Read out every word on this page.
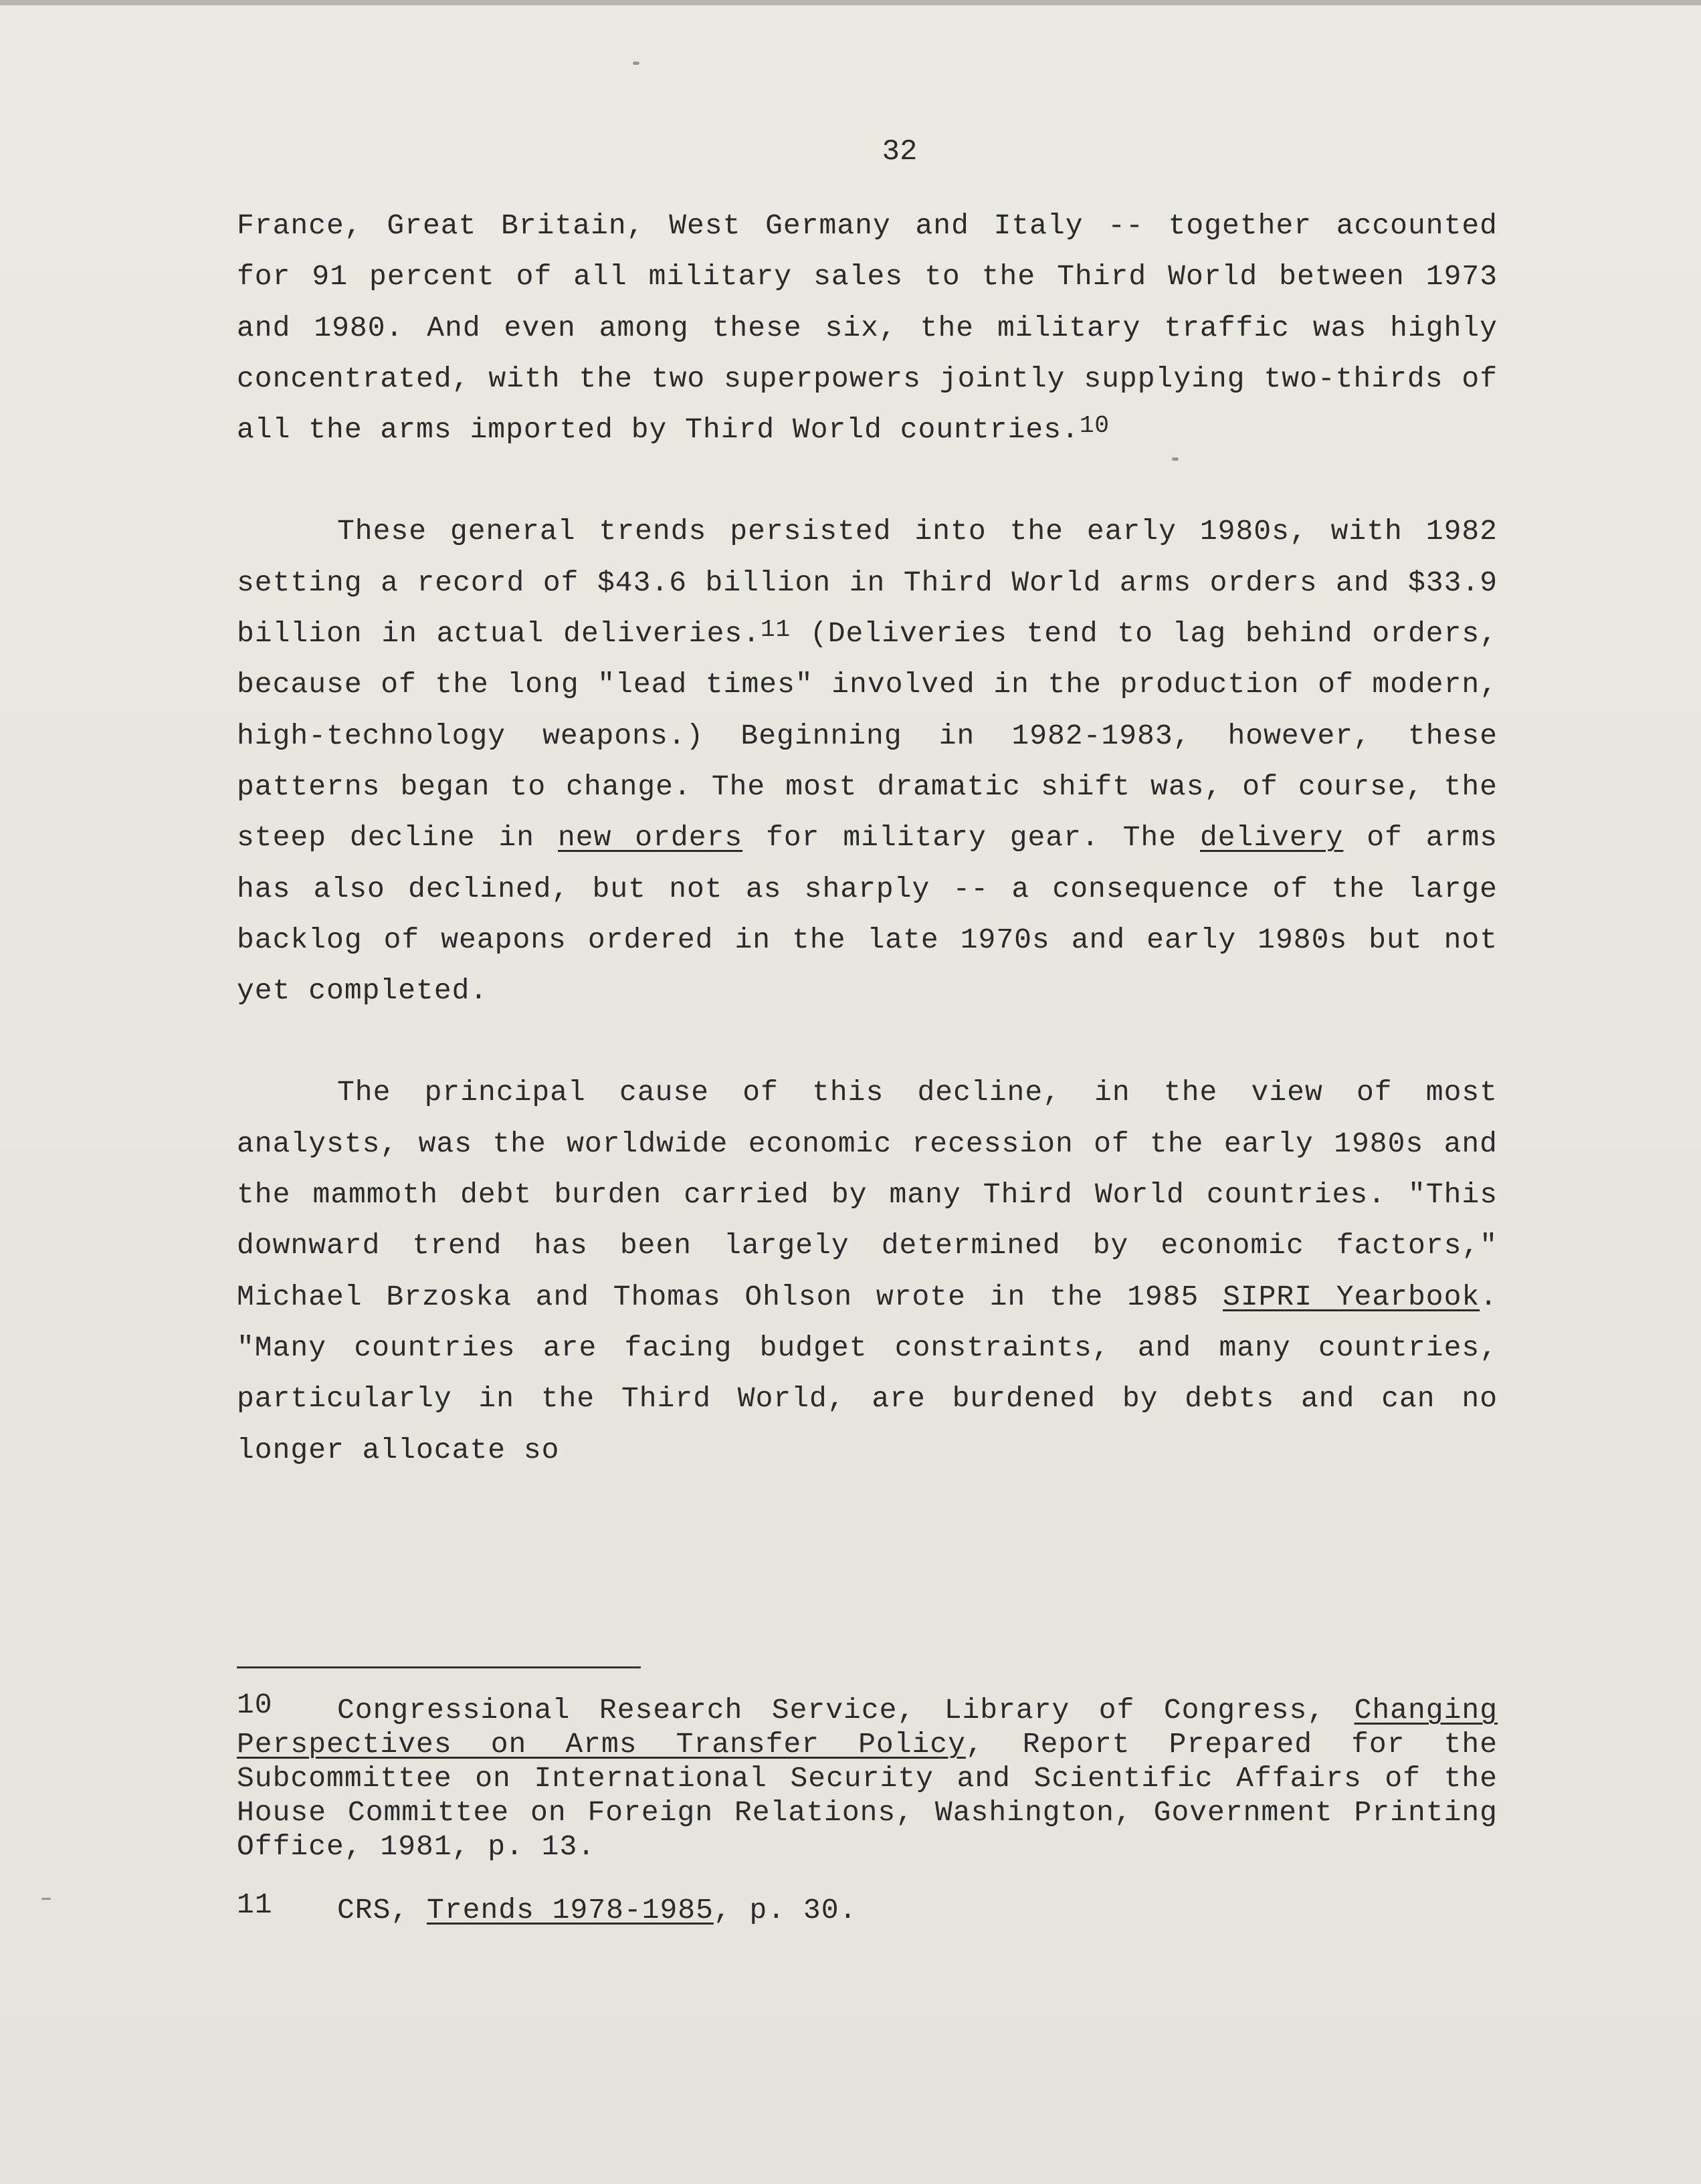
32

France, Great Britain, West Germany and Italy -- together accounted for 91 percent of all military sales to the Third World between 1973 and 1980. And even among these six, the military traffic was highly concentrated, with the two superpowers jointly supplying two-thirds of all the arms imported by Third World countries.$^{10}$

These general trends persisted into the early 1980s, with 1982 setting a record of $43.6 billion in Third World arms orders and $33.9 billion in actual deliveries.$^{11}$ (Deliveries tend to lag behind orders, because of the long "lead times" involved in the production of modern, high-technology weapons.) Beginning in 1982-1983, however, these patterns began to change. The most dramatic shift was, of course, the steep decline in new orders for military gear. The delivery of arms has also declined, but not as sharply -- a consequence of the large backlog of weapons ordered in the late 1970s and early 1980s but not yet completed.

The principal cause of this decline, in the view of most analysts, was the worldwide economic recession of the early 1980s and the mammoth debt burden carried by many Third World countries. "This downward trend has been largely determined by economic factors," Michael Brzoska and Thomas Ohlson wrote in the 1985 SIPRI Yearbook. "Many countries are facing budget constraints, and many countries, particularly in the Third World, are burdened by debts and can no longer allocate so

10 Congressional Research Service, Library of Congress, Changing Perspectives on Arms Transfer Policy, Report Prepared for the Subcommittee on International Security and Scientific Affairs of the House Committee on Foreign Relations, Washington, Government Printing Office, 1981, p. 13.

11 CRS, Trends 1978-1985, p. 30.
